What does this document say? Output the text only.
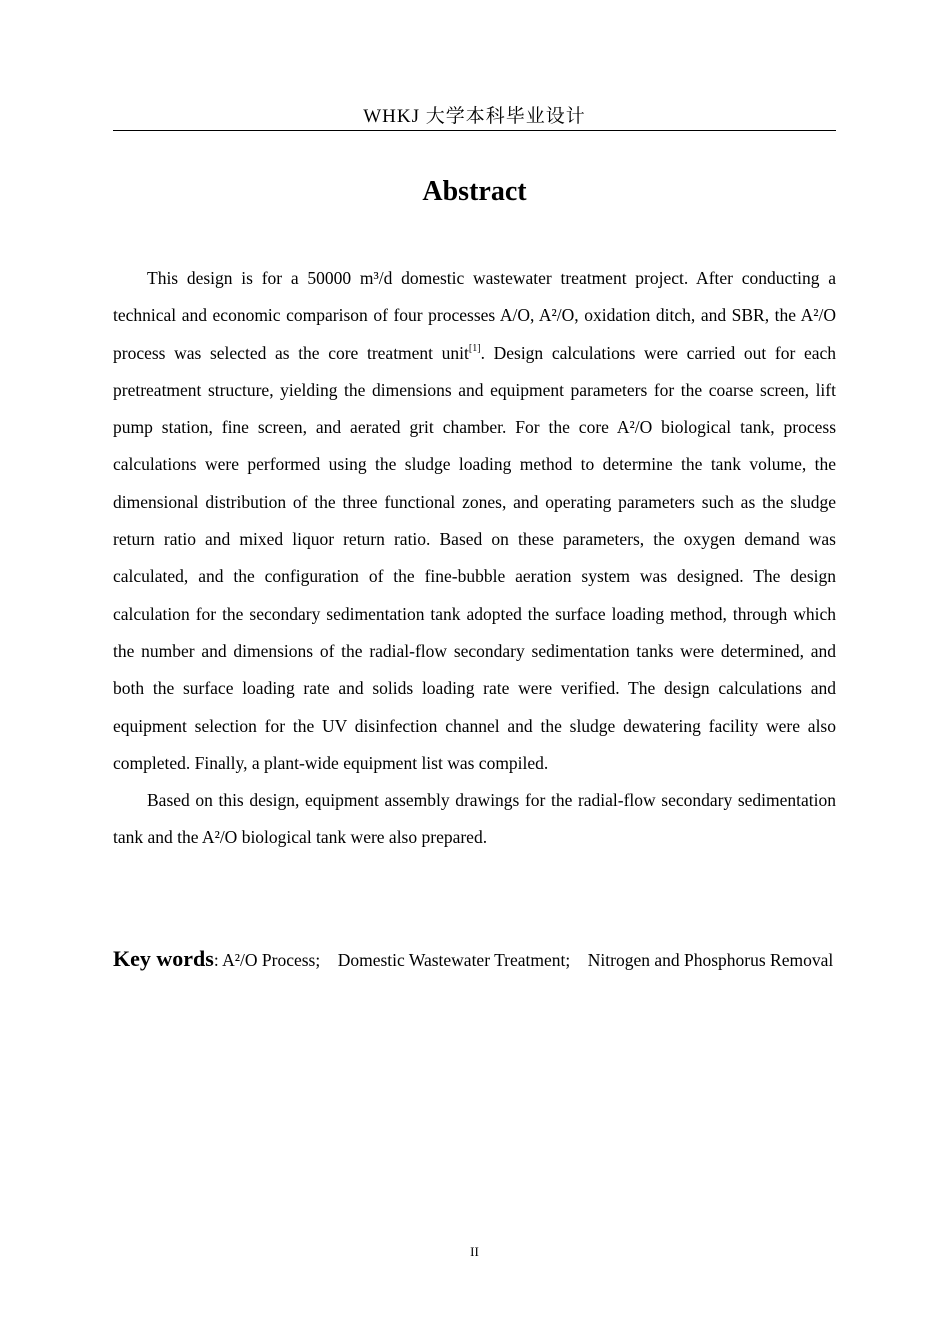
WHKJ 大学本科毕业设计
Abstract

This design is for a 50000 m³/d domestic wastewater treatment project. After conducting a technical and economic comparison of four processes A/O, A²/O, oxidation ditch, and SBR, the A²/O process was selected as the core treatment unit[1]. Design calculations were carried out for each pretreatment structure, yielding the dimensions and equipment parameters for the coarse screen, lift pump station, fine screen, and aerated grit chamber. For the core A²/O biological tank, process calculations were performed using the sludge loading method to determine the tank volume, the dimensional distribution of the three functional zones, and operating parameters such as the sludge return ratio and mixed liquor return ratio. Based on these parameters, the oxygen demand was calculated, and the configuration of the fine-bubble aeration system was designed. The design calculation for the secondary sedimentation tank adopted the surface loading method, through which the number and dimensions of the radial-flow secondary sedimentation tanks were determined, and both the surface loading rate and solids loading rate were verified. The design calculations and equipment selection for the UV disinfection channel and the sludge dewatering facility were also completed. Finally, a plant-wide equipment list was compiled.

Based on this design, equipment assembly drawings for the radial-flow secondary sedimentation tank and the A²/O biological tank were also prepared.

Key words: A²/O Process; Domestic Wastewater Treatment; Nitrogen and Phosphorus Removal
II
